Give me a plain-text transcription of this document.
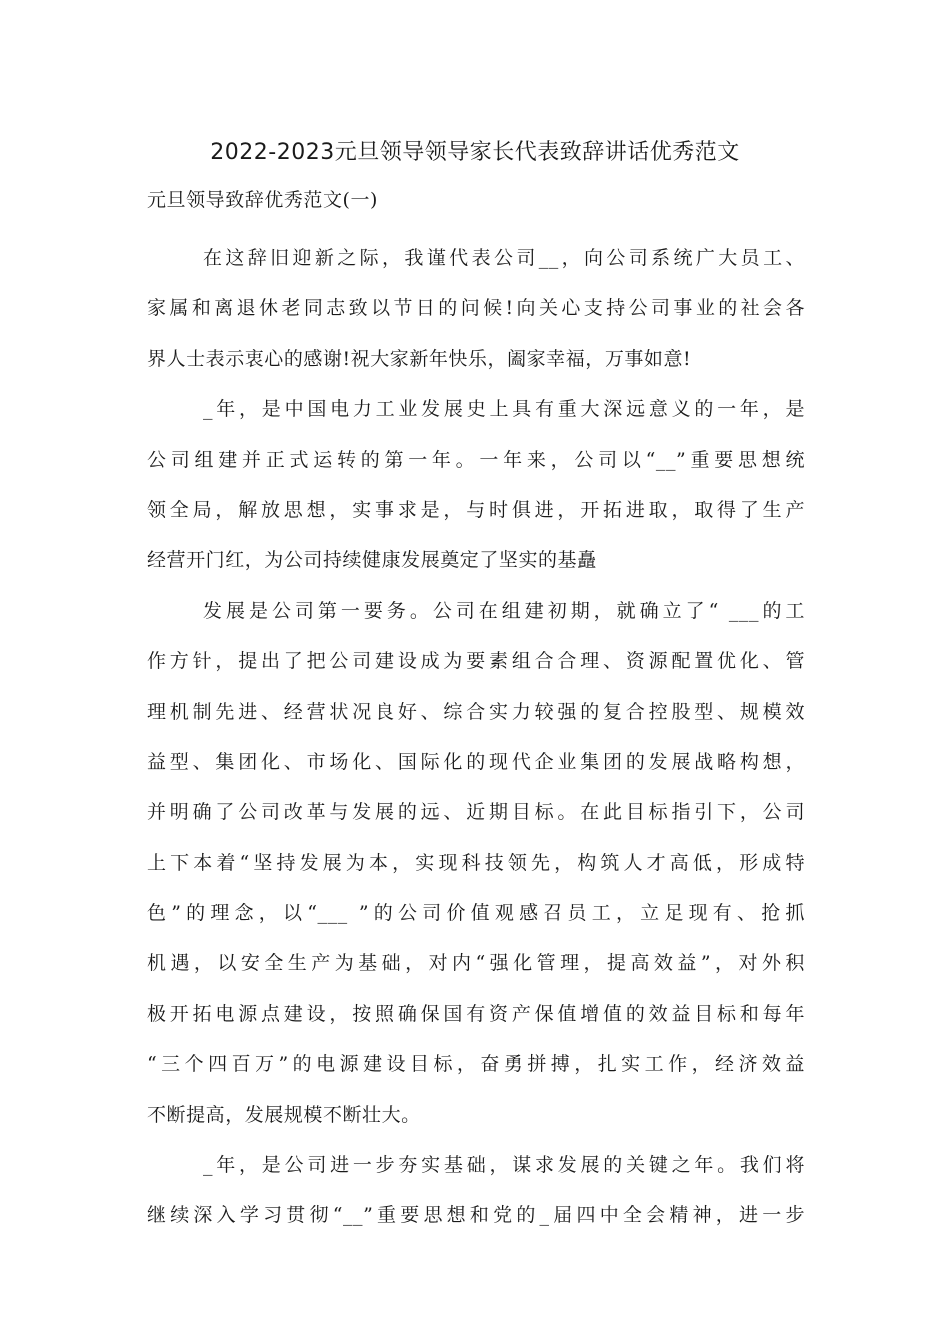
2022-2023元旦领导领导家长代表致辞讲话优秀范文

元旦领导致辞优秀范文(一)

在这辞旧迎新之际，我谨代表公司__，向公司系统广大员工、
家属和离退休老同志致以节日的问候!向关心支持公司事业的社会各
界人士表示衷心的感谢!祝大家新年快乐，阖家幸福，万事如意!

_年，是中国电力工业发展史上具有重大深远意义的一年，是
公司组建并正式运转的第一年。一年来，公司以“__”重要思想统
领全局，解放思想，实事求是，与时俱进，开拓进取，取得了生产
经营开门红，为公司持续健康发展奠定了坚实的基矗

发展是公司第一要务。公司在组建初期，就确立了“ ___的工
作方针，提出了把公司建设成为要素组合合理、资源配置优化、管
理机制先进、经营状况良好、综合实力较强的复合控股型、规模效
益型、集团化、市场化、国际化的现代企业集团的发展战略构想，
并明确了公司改革与发展的远、近期目标。在此目标指引下，公司
上下本着“坚持发展为本，实现科技领先，构筑人才高低，形成特
色”的理念，以“___ ”的公司价值观感召员工，立足现有、抢抓
机遇，以安全生产为基础，对内“强化管理，提高效益”，对外积
极开拓电源点建设，按照确保国有资产保值增值的效益目标和每年
“三个四百万”的电源建设目标，奋勇拼搏，扎实工作，经济效益
不断提高，发展规模不断壮大。

_年，是公司进一步夯实基础，谋求发展的关键之年。我们将
继续深入学习贯彻“__”重要思想和党的_届四中全会精神，进一步
